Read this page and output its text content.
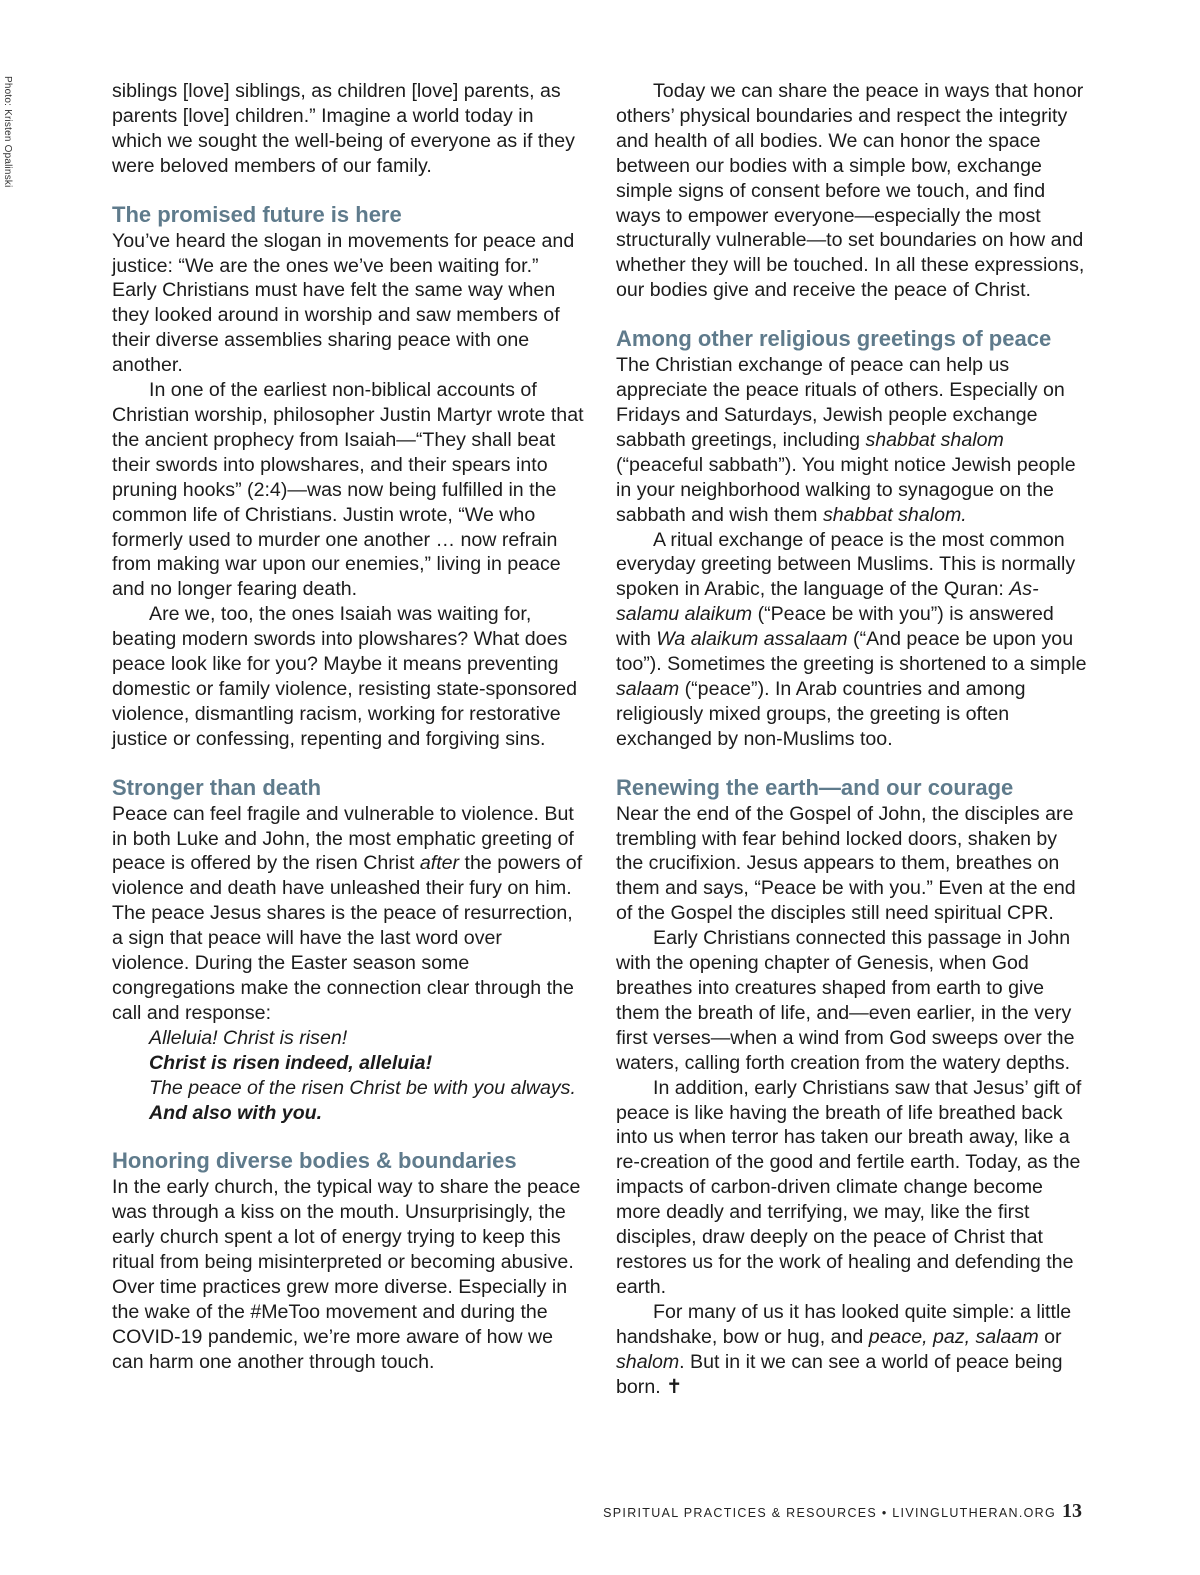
Photo: Kristen Opalinski	siblings [love] siblings, as children [love] parents, as parents [love] children.” Imagine a world today in which we sought the well-being of everyone as if they were beloved members of our family.

The promised future is here

You’ve heard the slogan in movements for peace and justice: “We are the ones we’ve been waiting for.” Early Christians must have felt the same way when they looked around in worship and saw members of their diverse assemblies sharing peace with one another.

In one of the earliest non-biblical accounts of Christian worship, philosopher Justin Martyr wrote that the ancient prophecy from Isaiah—“They shall beat their swords into plowshares, and their spears into pruning hooks” (2:4)—was now being fulfilled in the common life of Christians. Justin wrote, “We who formerly used to murder one another … now refrain from making war upon our enemies,” living in peace and no longer fearing death.

Are we, too, the ones Isaiah was waiting for, beating modern swords into plowshares? What does peace look like for you? Maybe it means preventing domestic or family violence, resisting state-sponsored violence, dismantling racism, working for restorative justice or confessing, repenting and forgiving sins.

Stronger than death

Peace can feel fragile and vulnerable to violence. But in both Luke and John, the most emphatic greeting of peace is offered by the risen Christ after the powers of violence and death have unleashed their fury on him. The peace Jesus shares is the peace of resurrection, a sign that peace will have the last word over violence. During the Easter season some congregations make the connection clear through the call and response:

Alleluia! Christ is risen!
Christ is risen indeed, alleluia!
The peace of the risen Christ be with you always.
And also with you.
Honoring diverse bodies & boundaries

In the early church, the typical way to share the peace was through a kiss on the mouth. Unsurprisingly, the early church spent a lot of energy trying to keep this ritual from being misinterpreted or becoming abusive. Over time practices grew more diverse. Especially in the wake of the #MeToo movement and during the COVID-19 pandemic, we’re more aware of how we can harm one another through touch.

Today we can share the peace in ways that honor others’ physical boundaries and respect the integrity and health of all bodies. We can honor the space between our bodies with a simple bow, exchange simple signs of consent before we touch, and find ways to empower everyone—especially the most structurally vulnerable—to set boundaries on how and whether they will be touched. In all these expressions, our bodies give and receive the peace of Christ.

Among other religious greetings of peace

The Christian exchange of peace can help us appreciate the peace rituals of others. Especially on Fridays and Saturdays, Jewish people exchange sabbath greetings, including shabbat shalom (“peaceful sabbath”). You might notice Jewish people in your neighborhood walking to synagogue on the sabbath and wish them shabbat shalom.

A ritual exchange of peace is the most common everyday greeting between Muslims. This is normally spoken in Arabic, the language of the Quran: As-salamu alaikum (“Peace be with you”) is answered with Wa alaikum assalaam (“And peace be upon you too”). Sometimes the greeting is shortened to a simple salaam (“peace”). In Arab countries and among religiously mixed groups, the greeting is often exchanged by non-Muslims too.

Renewing the earth—and our courage

Near the end of the Gospel of John, the disciples are trembling with fear behind locked doors, shaken by the crucifixion. Jesus appears to them, breathes on them and says, “Peace be with you.” Even at the end of the Gospel the disciples still need spiritual CPR.

Early Christians connected this passage in John with the opening chapter of Genesis, when God breathes into creatures shaped from earth to give them the breath of life, and—even earlier, in the very first verses—when a wind from God sweeps over the waters, calling forth creation from the watery depths.

In addition, early Christians saw that Jesus’ gift of peace is like having the breath of life breathed back into us when terror has taken our breath away, like a re-creation of the good and fertile earth. Today, as the impacts of carbon-driven climate change become more deadly and terrifying, we may, like the first disciples, draw deeply on the peace of Christ that restores us for the work of healing and defending the earth.

For many of us it has looked quite simple: a little handshake, bow or hug, and peace, paz, salaam or shalom. But in it we can see a world of peace being born. ✝

SPIRITUAL PRACTICES & RESOURCES • LIVINGLUTHERAN.ORG 13
